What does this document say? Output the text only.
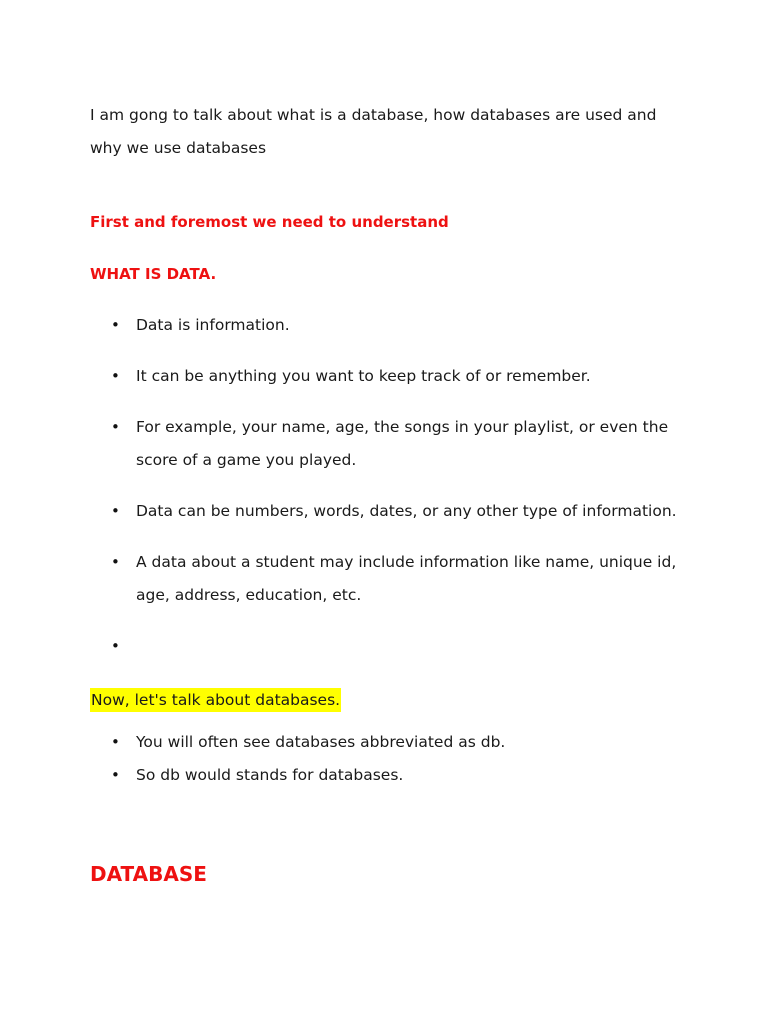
I am gong to talk about what is a database, how databases are used and why we use databases

First and foremost we need to understand
WHAT IS DATA.
• Data is information.
• It can be anything you want to keep track of or remember.
• For example, your name, age, the songs in your playlist, or even the score of a game you played.
• Data can be numbers, words, dates, or any other type of information.
• A data about a student may include information like name, unique id, age, address, education, etc.
•
Now, let's talk about databases.
• You will often see databases abbreviated as db.
• So db would stands for databases.
DATABASE
